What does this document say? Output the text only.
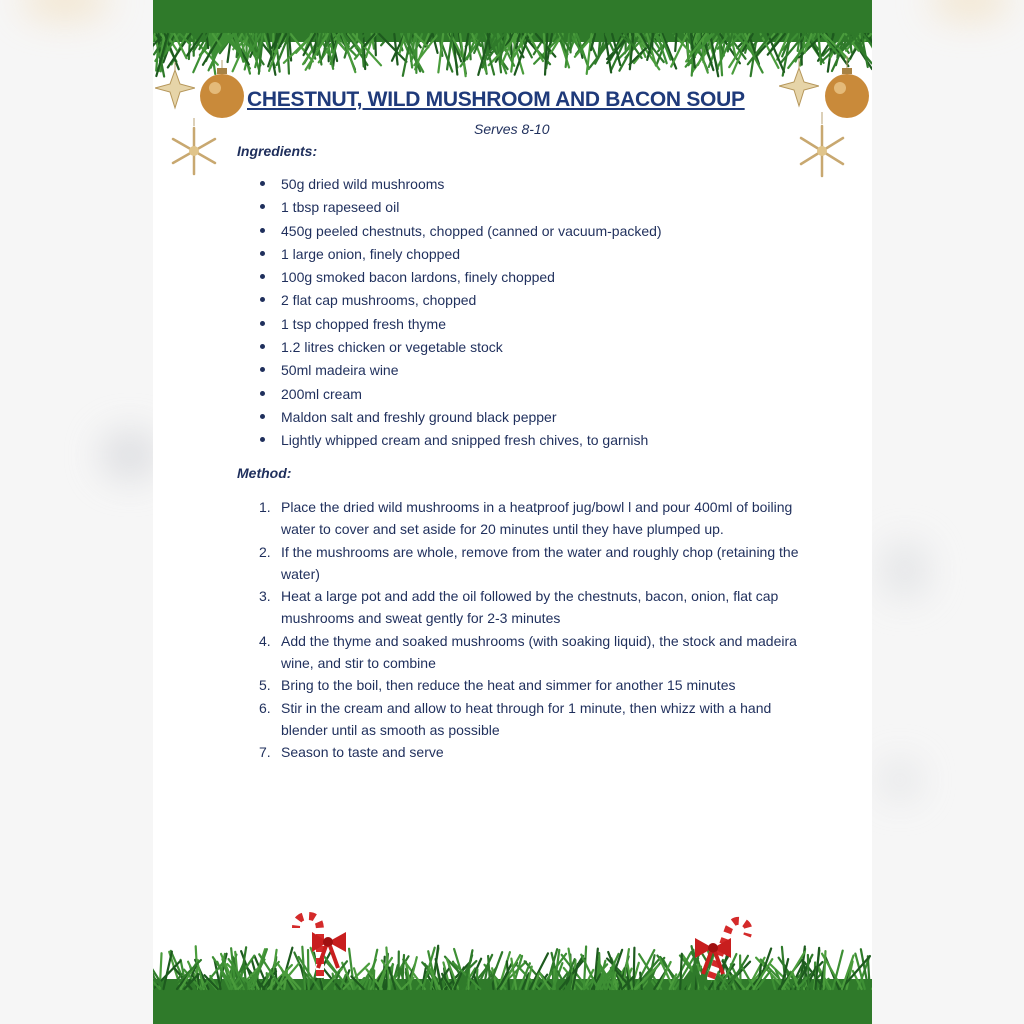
CHESTNUT, WILD MUSHROOM AND BACON SOUP
Serves 8-10
Ingredients:
50g dried wild mushrooms
1 tbsp rapeseed oil
450g peeled chestnuts, chopped (canned or vacuum-packed)
1 large onion, finely chopped
100g smoked bacon lardons, finely chopped
2 flat cap mushrooms, chopped
1 tsp chopped fresh thyme
1.2 litres chicken or vegetable stock
50ml madeira wine
200ml cream
Maldon salt and freshly ground black pepper
Lightly whipped cream and snipped fresh chives, to garnish
Method:
1. Place the dried wild mushrooms in a heatproof jug/bowl l and pour 400ml of boiling water to cover and set aside for 20 minutes until they have plumped up.
2. If the mushrooms are whole, remove from the water and roughly chop (retaining the water)
3. Heat a large pot and add the oil followed by the chestnuts, bacon, onion, flat cap mushrooms and sweat gently for 2-3 minutes
4. Add the thyme and soaked mushrooms (with soaking liquid), the stock and madeira wine, and stir to combine
5. Bring to the boil, then reduce the heat and simmer for another 15 minutes
6. Stir in the cream and allow to heat through for 1 minute, then whizz with a hand blender until as smooth as possible
7. Season to taste and serve
